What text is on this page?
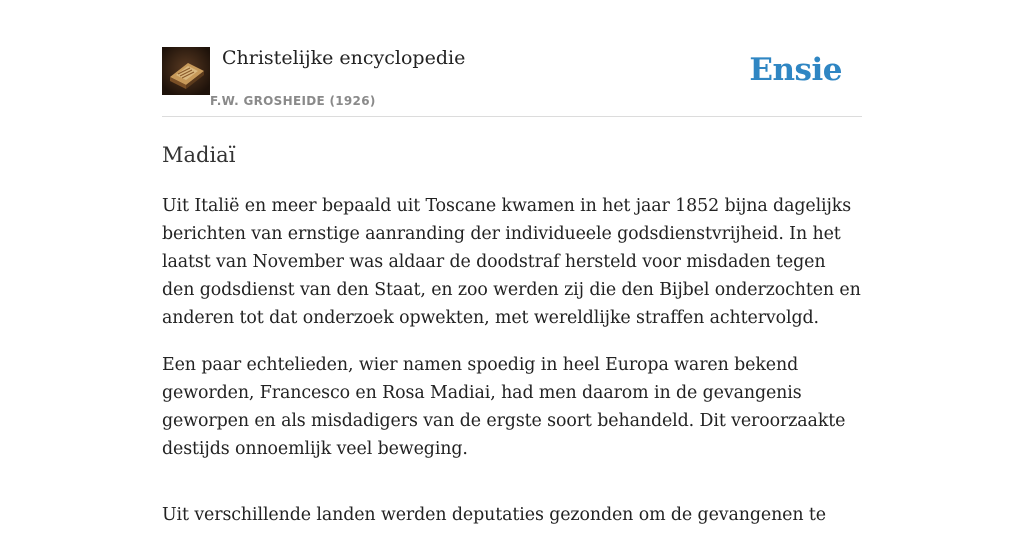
Christelijke encyclopedie
F.W. GROSHEIDE (1926)
Ensie
Madiaï

Uit Italië en meer bepaald uit Toscane kwamen in het jaar 1852 bijna dagelijks berichten van ernstige aanranding der individueele godsdienstvrijheid. In het laatst van November was aldaar de doodstraf hersteld voor misdaden tegen den godsdienst van den Staat, en zoo werden zij die den Bijbel onderzochten en anderen tot dat onderzoek opwekten, met wereldlijke straffen achtervolgd.

Een paar echtelieden, wier namen spoedig in heel Europa waren bekend geworden, Francesco en Rosa Madiai, had men daarom in de gevangenis geworpen en als misdadigers van de ergste soort behandeld. Dit veroorzaakte destijds onnoemlijk veel beweging.

Uit verschillende landen werden deputaties gezonden om de gevangenen te
